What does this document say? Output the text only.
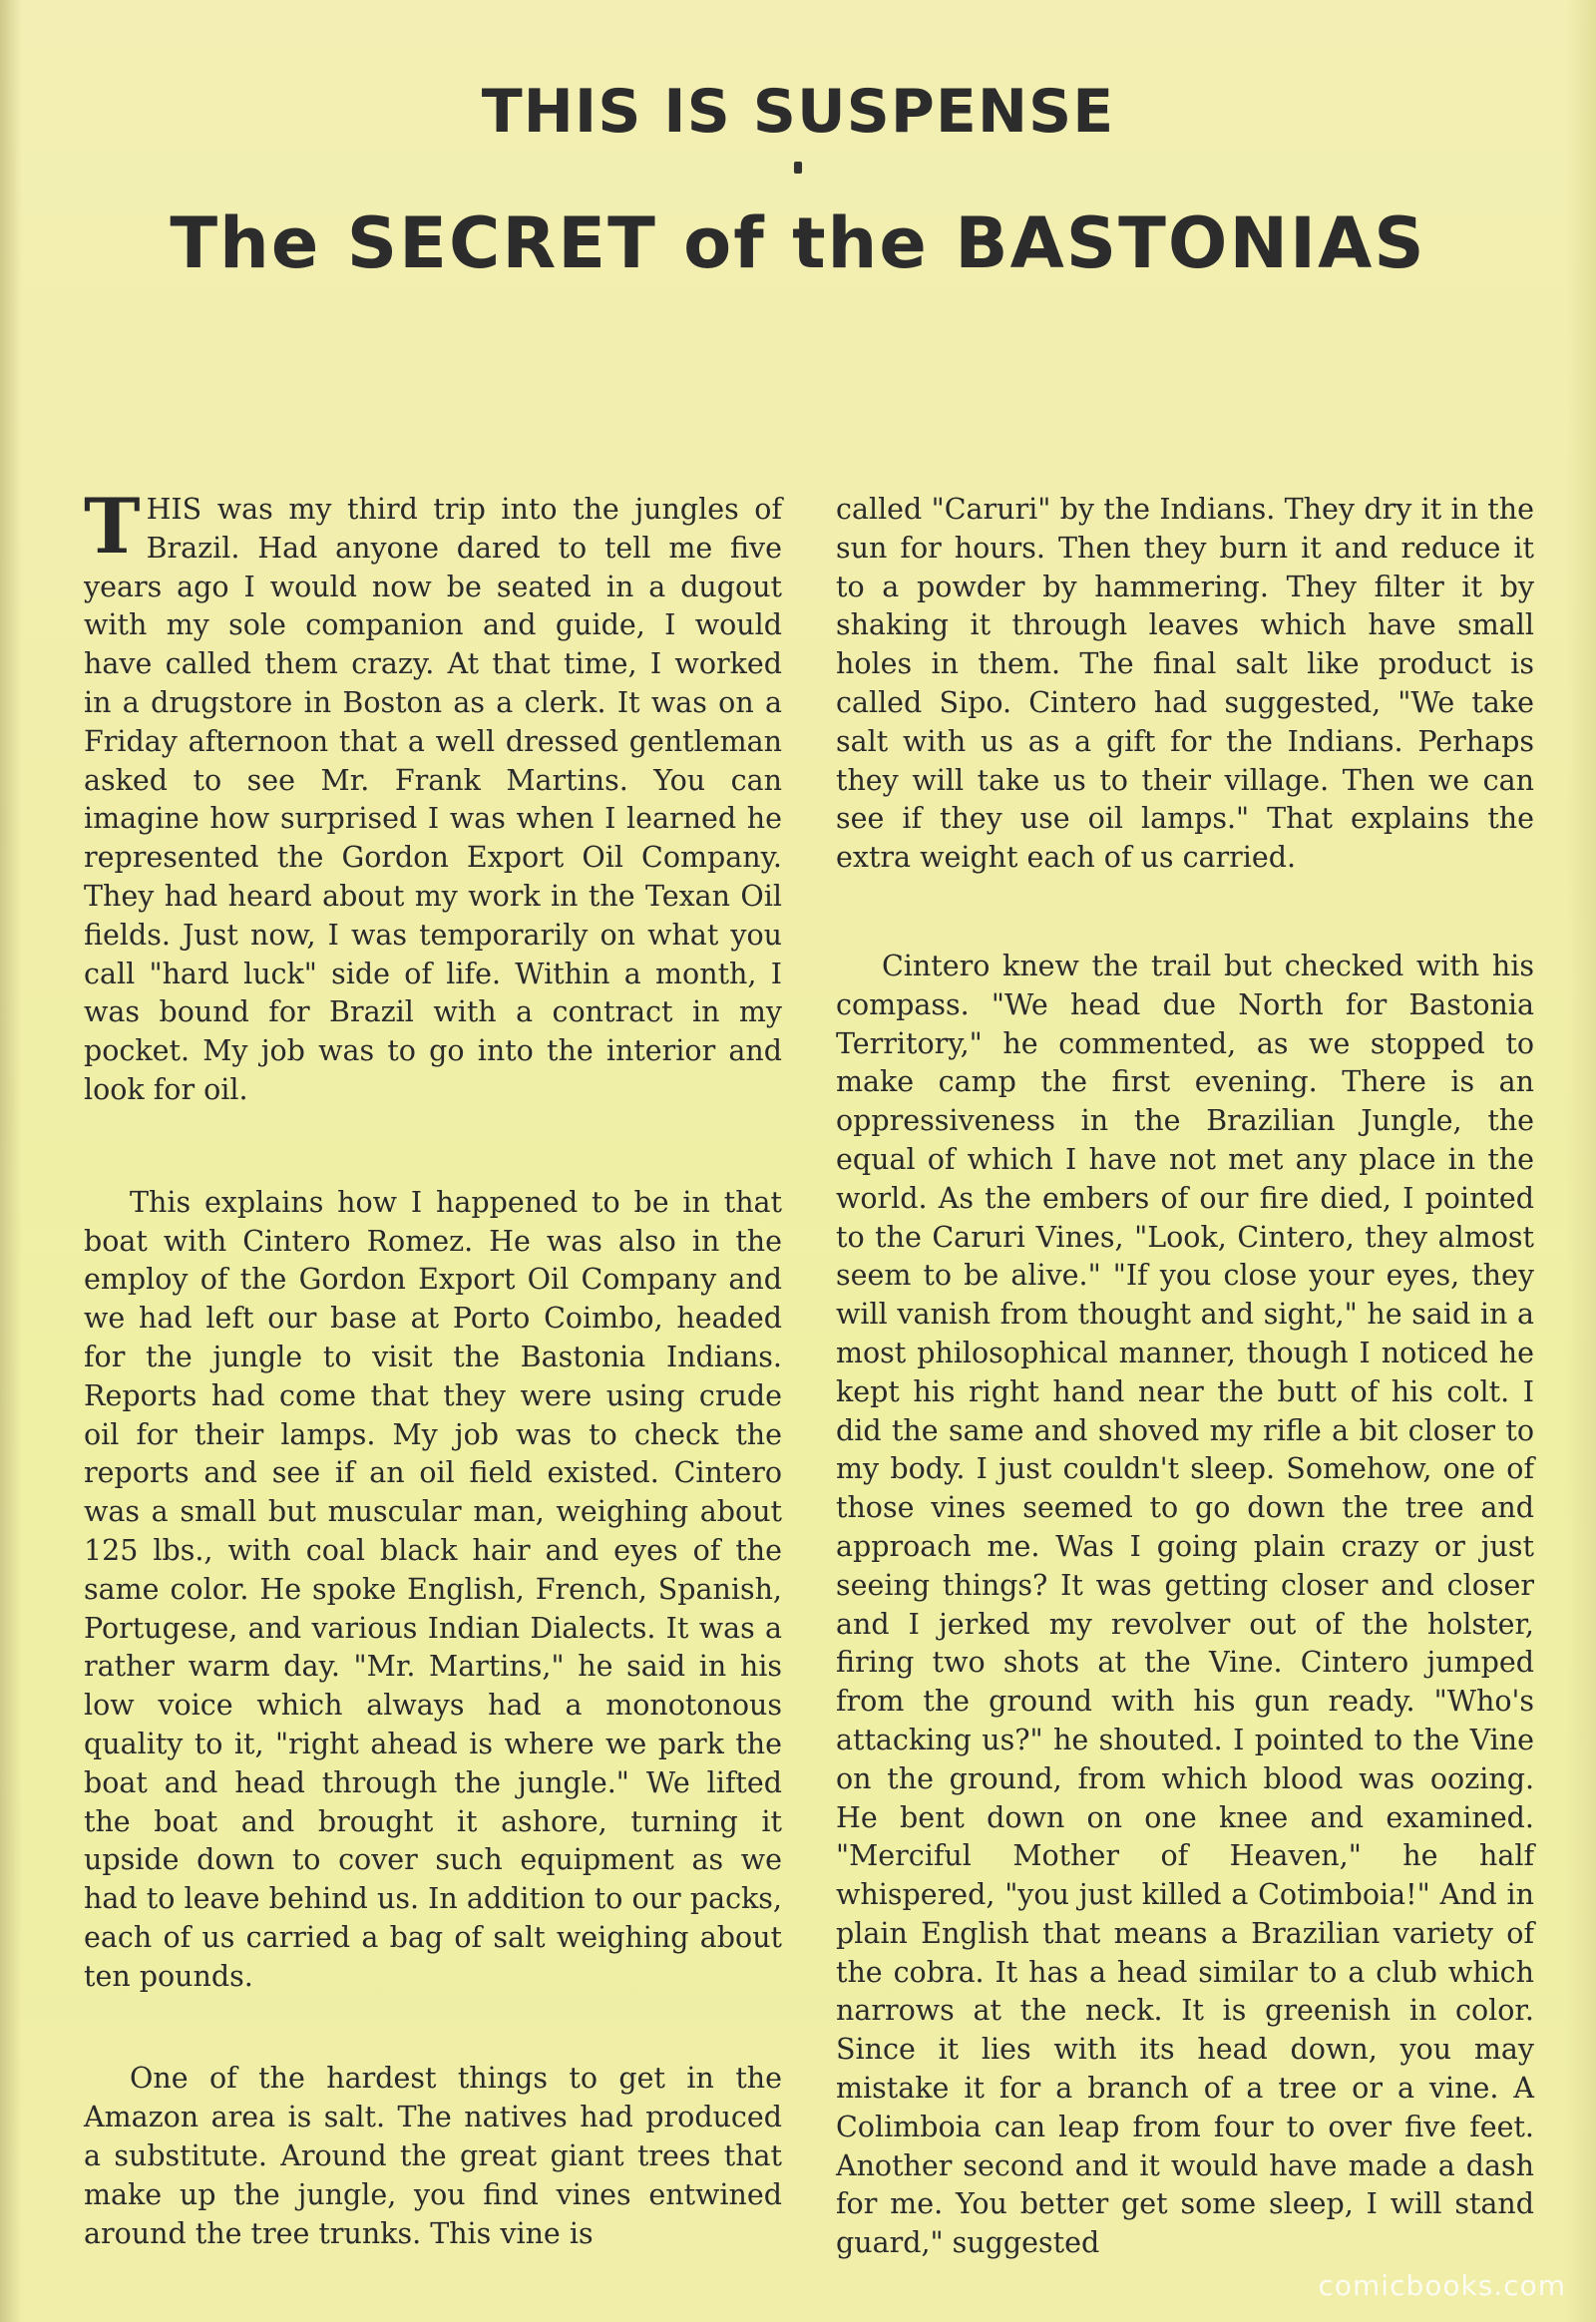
THIS IS SUSPENSE
The SECRET of the BASTONIAS

THIS was my third trip into the jungles of Brazil. Had anyone dared to tell me five years ago I would now be seated in a dugout with my sole companion and guide, I would have called them crazy. At that time, I worked in a drugstore in Boston as a clerk. It was on a Friday afternoon that a well dressed gentleman asked to see Mr. Frank Martins. You can imagine how surprised I was when I learned he represented the Gordon Export Oil Company. They had heard about my work in the Texan Oil fields. Just now, I was temporarily on what you call "hard luck" side of life. Within a month, I was bound for Brazil with a contract in my pocket. My job was to go into the interior and look for oil.

This explains how I happened to be in that boat with Cintero Romez. He was also in the employ of the Gordon Export Oil Company and we had left our base at Porto Coimbo, headed for the jungle to visit the Bastonia Indians. Reports had come that they were using crude oil for their lamps. My job was to check the reports and see if an oil field existed. Cintero was a small but muscular man, weighing about 125 lbs., with coal black hair and eyes of the same color. He spoke English, French, Spanish, Portugese, and various Indian Dialects. It was a rather warm day. "Mr. Martins," he said in his low voice which always had a monotonous quality to it, "right ahead is where we park the boat and head through the jungle." We lifted the boat and brought it ashore, turning it upside down to cover such equipment as we had to leave behind us. In addition to our packs, each of us carried a bag of salt weighing about ten pounds.

One of the hardest things to get in the Amazon area is salt. The natives had produced a substitute. Around the great giant trees that make up the jungle, you find vines entwined around the tree trunks. This vine is

called "Caruri" by the Indians. They dry it in the sun for hours. Then they burn it and reduce it to a powder by hammering. They filter it by shaking it through leaves which have small holes in them. The final salt like product is called Sipo. Cintero had suggested, "We take salt with us as a gift for the Indians. Perhaps they will take us to their village. Then we can see if they use oil lamps." That explains the extra weight each of us carried.

Cintero knew the trail but checked with his compass. "We head due North for Bastonia Territory," he commented, as we stopped to make camp the first evening. There is an oppressiveness in the Brazilian Jungle, the equal of which I have not met any place in the world. As the embers of our fire died, I pointed to the Caruri Vines, "Look, Cintero, they almost seem to be alive." "If you close your eyes, they will vanish from thought and sight," he said in a most philosophical manner, though I noticed he kept his right hand near the butt of his colt. I did the same and shoved my rifle a bit closer to my body. I just couldn't sleep. Somehow, one of those vines seemed to go down the tree and approach me. Was I going plain crazy or just seeing things? It was getting closer and closer and I jerked my revolver out of the holster, firing two shots at the Vine. Cintero jumped from the ground with his gun ready. "Who's attacking us?" he shouted. I pointed to the Vine on the ground, from which blood was oozing. He bent down on one knee and examined. "Merciful Mother of Heaven," he half whispered, "you just killed a Cotimboia!" And in plain English that means a Brazilian variety of the cobra. It has a head similar to a club which narrows at the neck. It is greenish in color. Since it lies with its head down, you may mistake it for a branch of a tree or a vine. A Colimboia can leap from four to over five feet. Another second and it would have made a dash for me. You better get some sleep, I will stand guard," suggested

comicbooks.com
